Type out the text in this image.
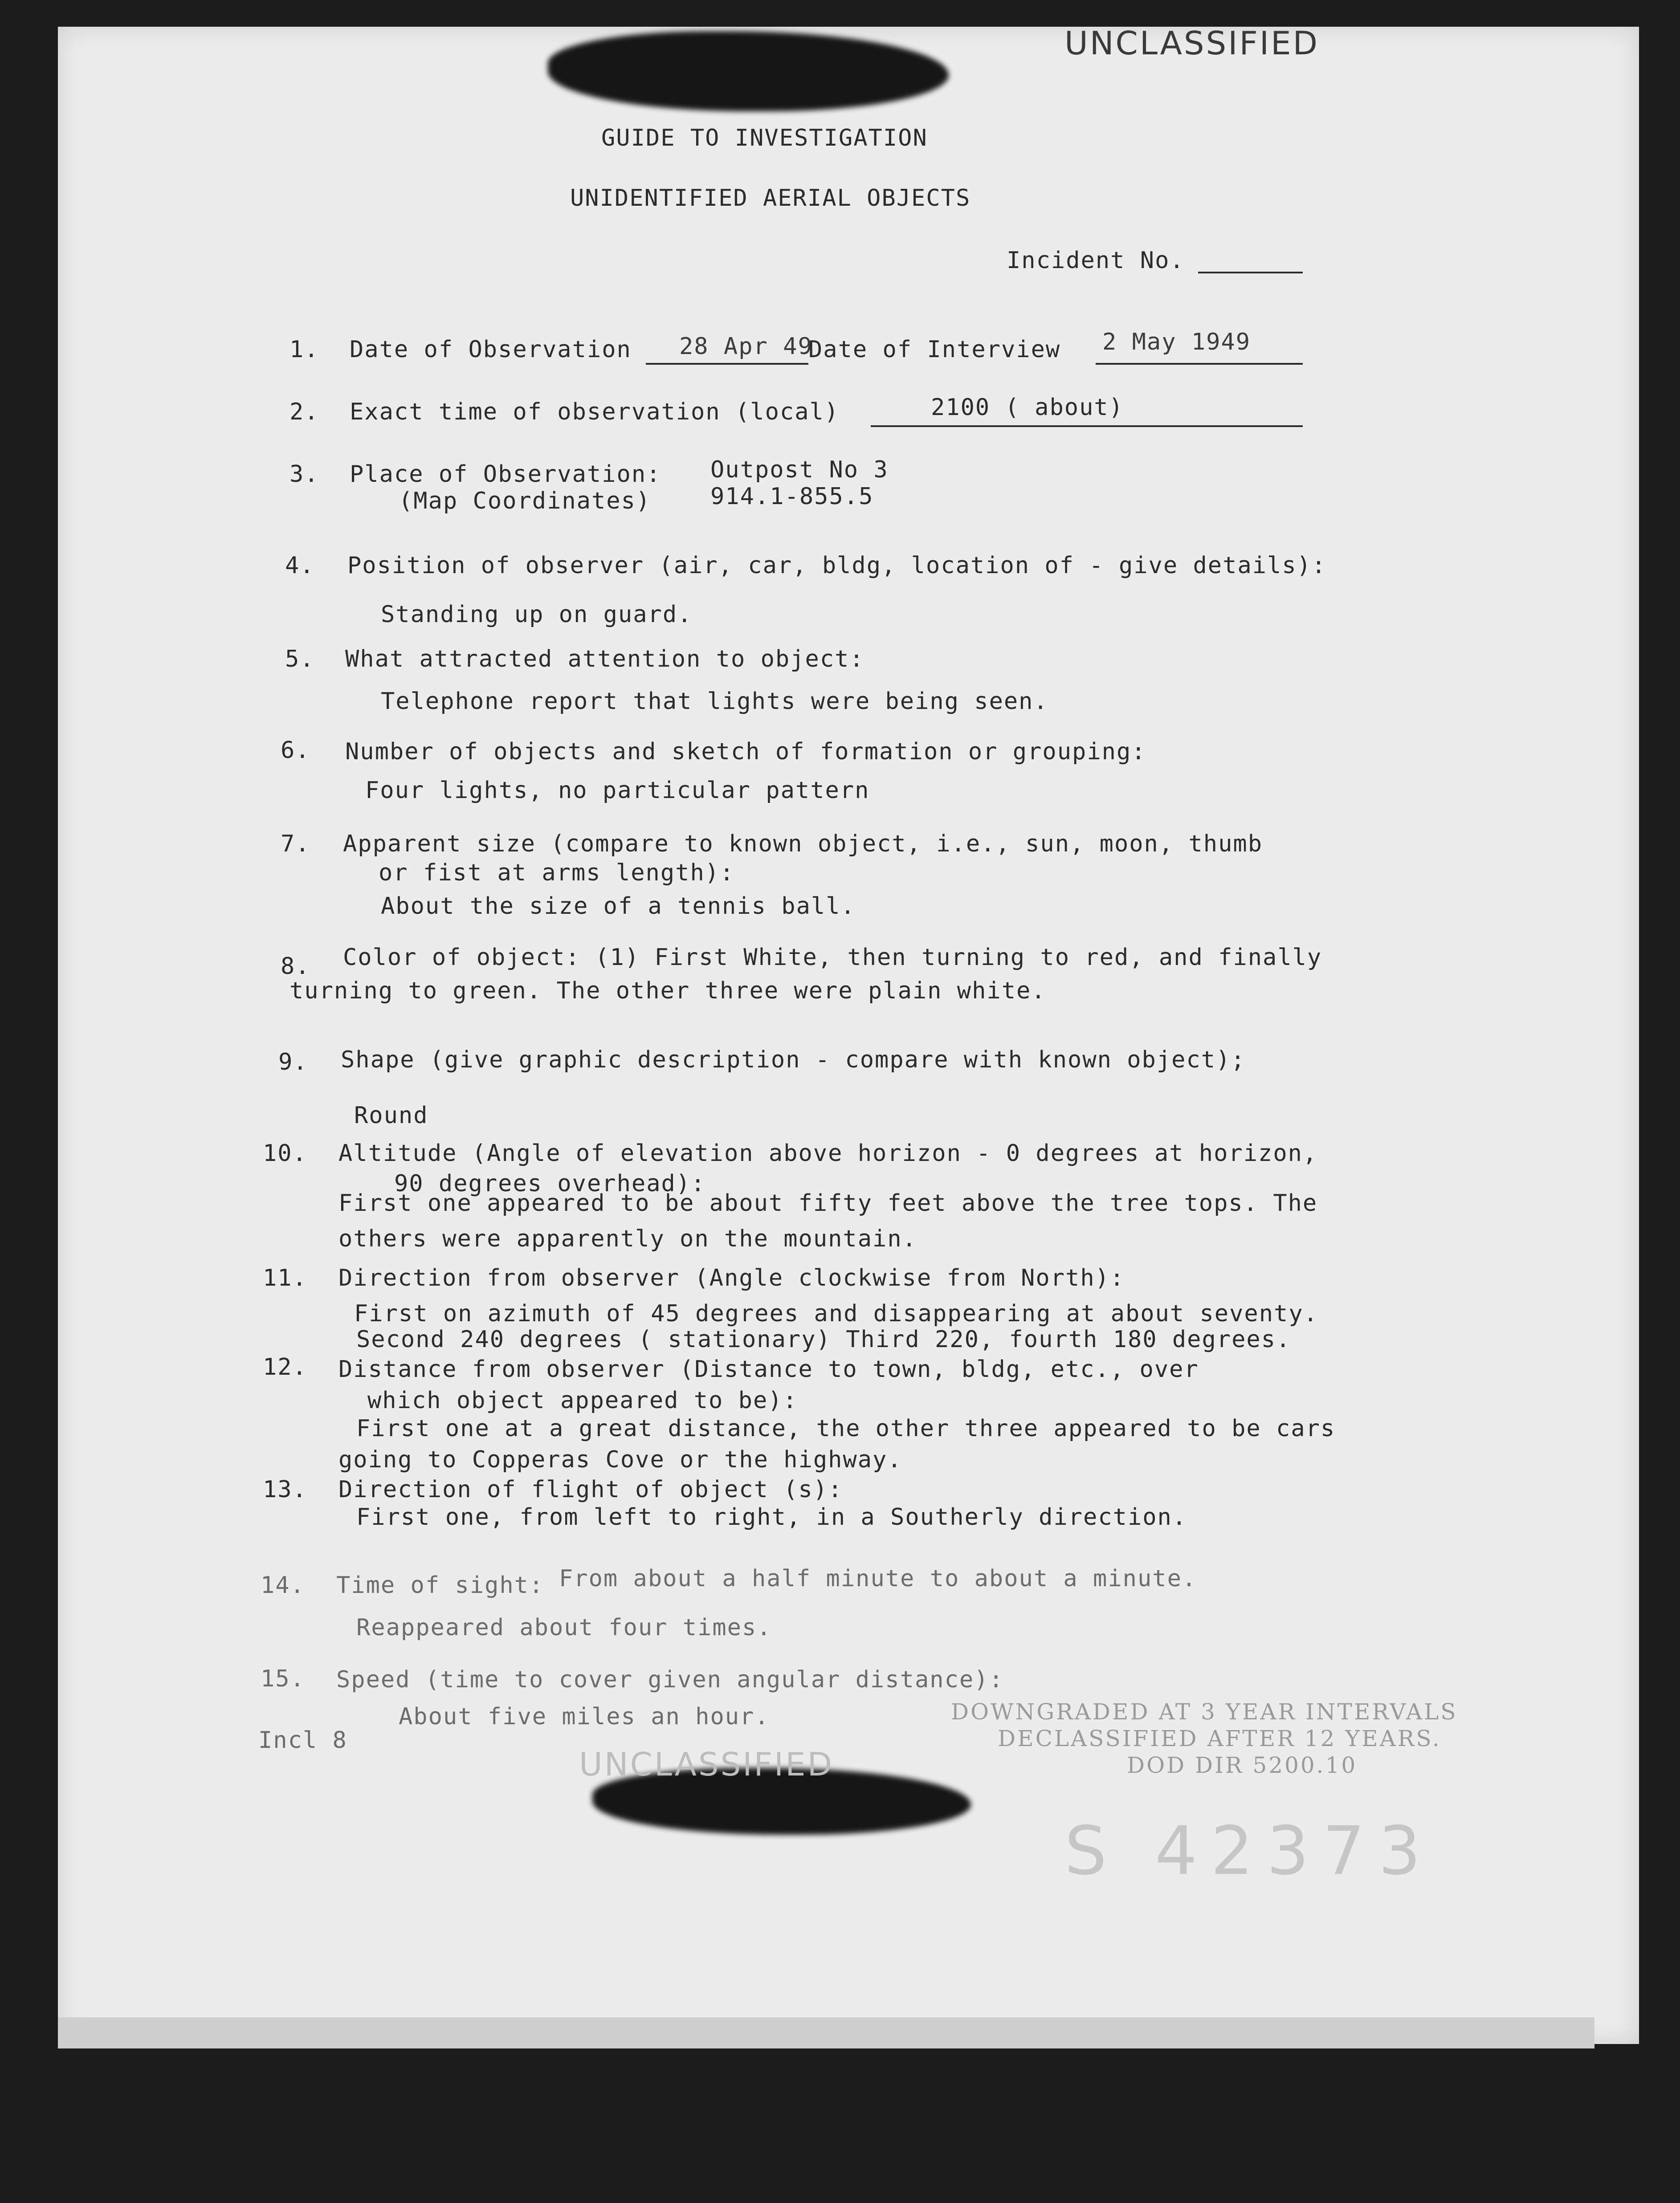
UNCLASSIFIED
GUIDE TO INVESTIGATION
UNIDENTIFIED AERIAL OBJECTS
Incident No.
1. Date of Observation 28 Apr 49
Date of Interview 2 May 1949
2. Exact time of observation (local)	2100 ( about)
3. Place of Observation:
(Map Coordinates)
Outpost No 3
914.1-855.5
4. Position of observer (air, car, bldg, location of - give details):
Standing up on guard.
5. What attracted attention to object:
Telephone report that lights were being seen.
6. Number of objects and sketch of formation or grouping:
Four lights, no particular pattern
7. Apparent size (compare to known object, i.e., sun, moon, thumb
or fist at arms length):
About the size of a tennis ball.
8. Color of object: (1) First White, then turning to red, and finally
turning to green. The other three were plain white.
9. Shape (give graphic description - compare with known object);
Round
10. Altitude (Angle of elevation above horizon - 0 degrees at horizon,
90 degrees overhead):
First one appeared to be about fifty feet above the tree tops. The
others were apparently on the mountain.
11. Direction from observer (Angle clockwise from North):
First on azimuth of 45 degrees and disappearing at about seventy.
Second 240 degrees ( stationary) Third 220, fourth 180 degrees.
12. Distance from observer (Distance to town, bldg, etc., over
which object appeared to be):
First one at a great distance, the other three appeared to be cars
going to Copperas Cove or the highway.
13. Direction of flight of object (s):
First one, from left to right, in a Southerly direction.
14. Time of sight: From about a half minute to about a minute.
Reappeared about four times.
15. Speed (time to cover given angular distance):
About five miles an hour.
Incl 8
DOWNGRADED AT 3 YEAR INTERVALS
DECLASSIFIED AFTER 12 YEARS.
DOD DIR 5200.10
UNCLASSIFIED
S 42373
